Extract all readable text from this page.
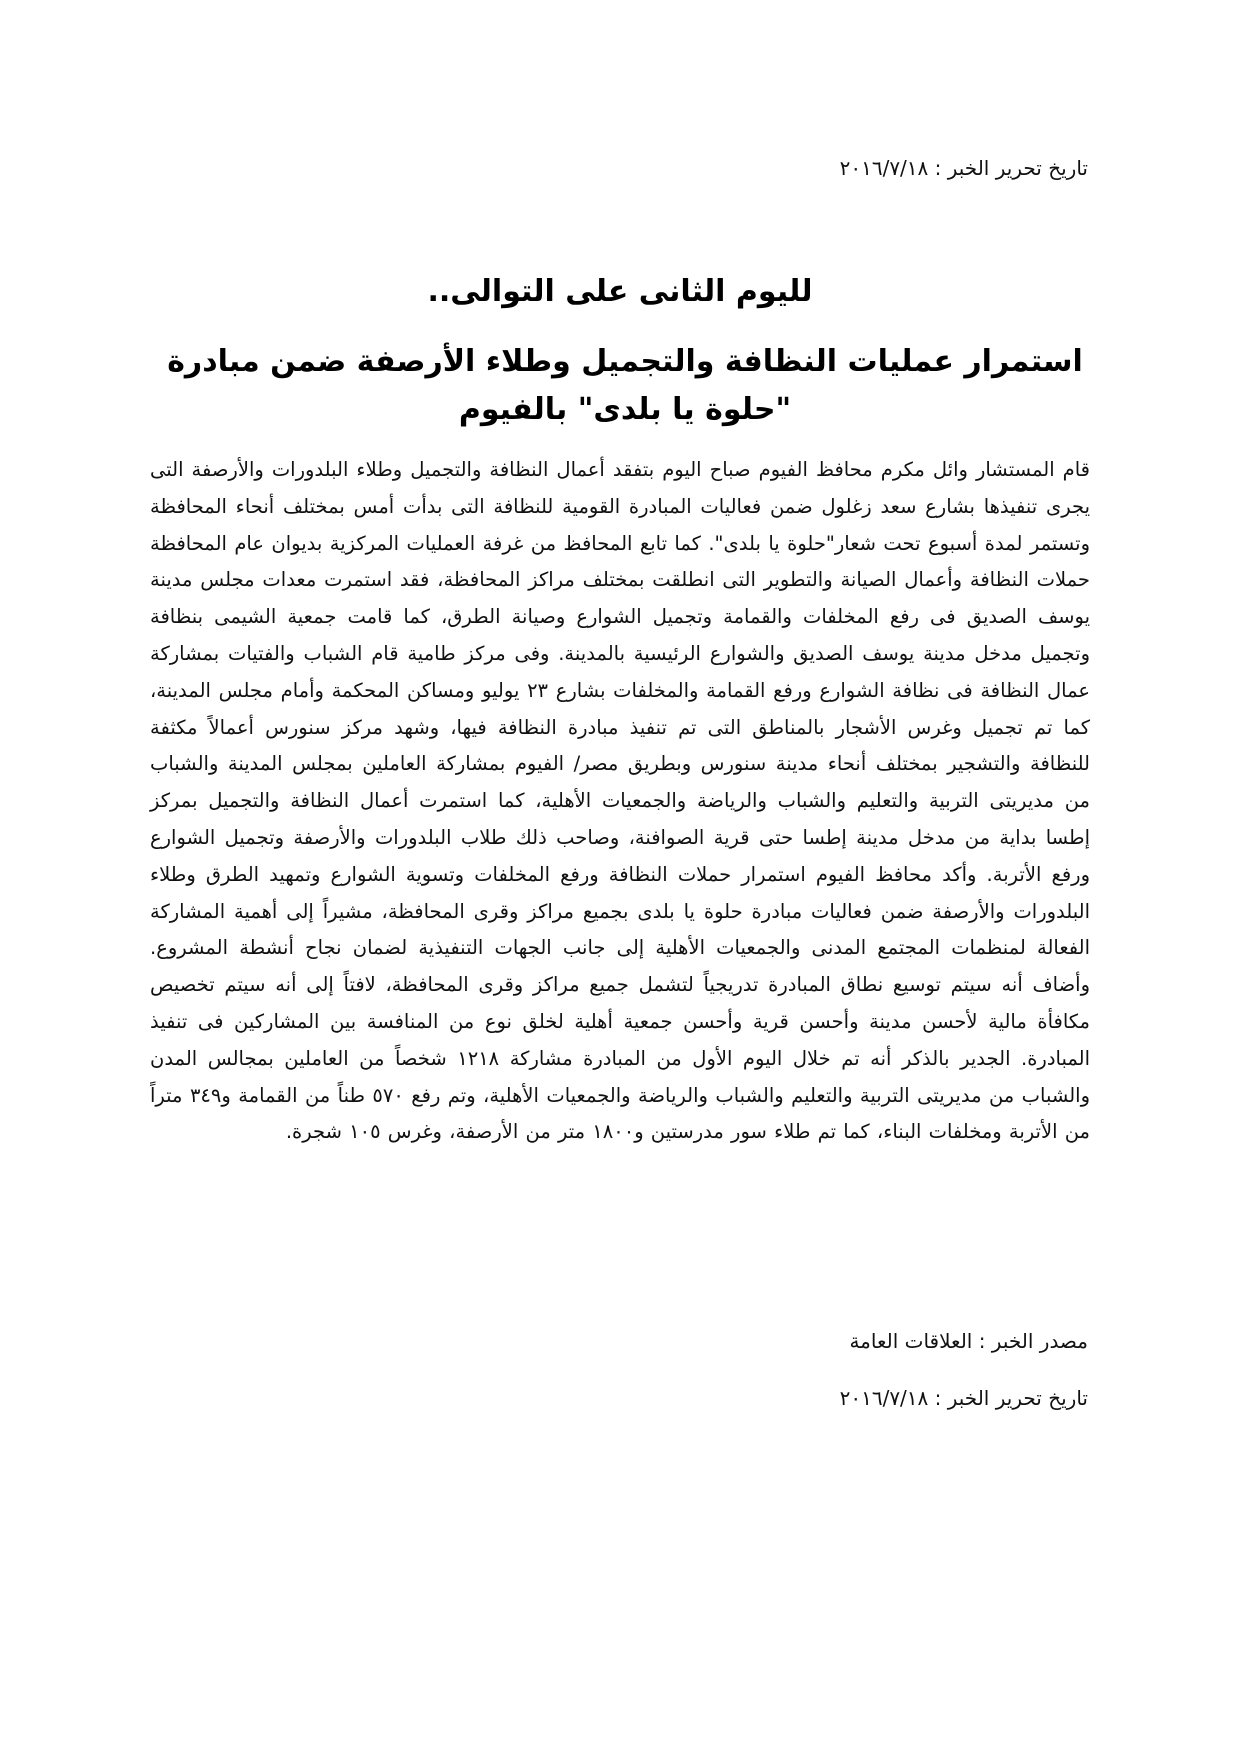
تاريخ تحرير الخبر : ٢٠١٦/٧/١٨
لليوم الثانى على التوالى..
استمرار عمليات النظافة والتجميل وطلاء الأرصفة ضمن مبادرة "حلوة يا بلدى" بالفيوم
قام المستشار وائل مكرم محافظ الفيوم صباح اليوم بتفقد أعمال النظافة والتجميل وطلاء البلدورات والأرصفة التى يجرى تنفيذها بشارع سعد زغلول ضمن فعاليات المبادرة القومية للنظافة التى بدأت أمس بمختلف أنحاء المحافظة وتستمر لمدة أسبوع تحت شعار"حلوة يا بلدى". كما تابع المحافظ من غرفة العمليات المركزية بديوان عام المحافظة حملات النظافة وأعمال الصيانة والتطوير التى انطلقت بمختلف مراكز المحافظة، فقد استمرت معدات مجلس مدينة يوسف الصديق فى رفع المخلفات والقمامة وتجميل الشوارع وصيانة الطرق، كما قامت جمعية الشيمى بنظافة وتجميل مدخل مدينة يوسف الصديق والشوارع الرئيسية بالمدينة. وفى مركز طامية قام الشباب والفتيات بمشاركة عمال النظافة فى نظافة الشوارع ورفع القمامة والمخلفات بشارع ٢٣ يوليو ومساكن المحكمة وأمام مجلس المدينة، كما تم تجميل وغرس الأشجار بالمناطق التى تم تنفيذ مبادرة النظافة فيها، وشهد مركز سنورس أعمالاً مكثفة للنظافة والتشجير بمختلف أنحاء مدينة سنورس وبطريق مصر/ الفيوم بمشاركة العاملين بمجلس المدينة والشباب من مديريتى التربية والتعليم والشباب والرياضة والجمعيات الأهلية، كما استمرت أعمال النظافة والتجميل بمركز إطسا بداية من مدخل مدينة إطسا حتى قرية الصوافنة، وصاحب ذلك طلاب البلدورات والأرصفة وتجميل الشوارع ورفع الأتربة. وأكد محافظ الفيوم استمرار حملات النظافة ورفع المخلفات وتسوية الشوارع وتمهيد الطرق وطلاء البلدورات والأرصفة ضمن فعاليات مبادرة حلوة يا بلدى بجميع مراكز وقرى المحافظة، مشيراً إلى أهمية المشاركة الفعالة لمنظمات المجتمع المدنى والجمعيات الأهلية إلى جانب الجهات التنفيذية لضمان نجاح أنشطة المشروع. وأضاف أنه سيتم توسيع نطاق المبادرة تدريجياً لتشمل جميع مراكز وقرى المحافظة، لافتاً إلى أنه سيتم تخصيص مكافأة مالية لأحسن مدينة وأحسن قرية وأحسن جمعية أهلية لخلق نوع من المنافسة بين المشاركين فى تنفيذ المبادرة. الجدير بالذكر أنه تم خلال اليوم الأول من المبادرة مشاركة ١٢١٨ شخصاً من العاملين بمجالس المدن والشباب من مديريتى التربية والتعليم والشباب والرياضة والجمعيات الأهلية، وتم رفع ٥٧٠ طناً من القمامة و٣٤٩ متراً من الأتربة ومخلفات البناء، كما تم طلاء سور مدرستين و١٨٠٠ متر من الأرصفة، وغرس ١٠٥ شجرة.
مصدر الخبر : العلاقات العامة
تاريخ تحرير الخبر : ٢٠١٦/٧/١٨
